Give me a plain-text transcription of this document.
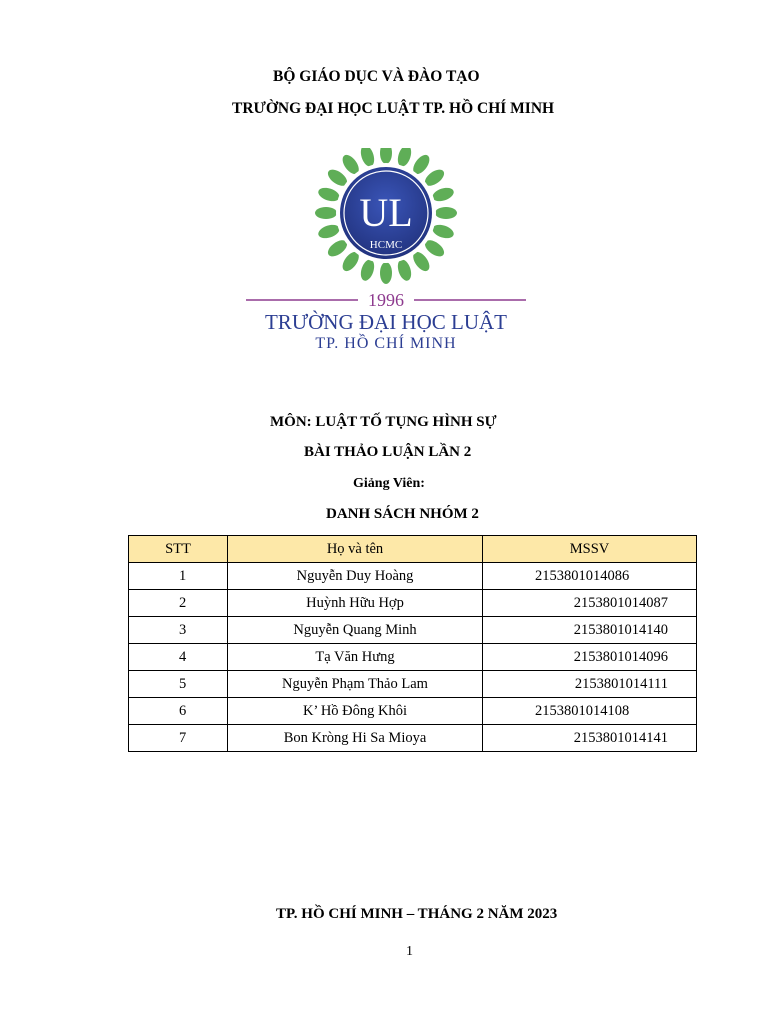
BỘ GIÁO DỤC VÀ ĐÀO TẠO
TRƯỜNG ĐẠI HỌC LUẬT TP. HỒ CHÍ MINH
UL
HCMC
1996
TRƯỜNG ĐẠI HỌC LUẬT
TP. HỒ CHÍ MINH
MÔN: LUẬT TỐ TỤNG HÌNH SỰ
BÀI THẢO LUẬN LẦN 2
Giảng Viên:
DANH SÁCH NHÓM 2
STT	Họ và tên	MSSV
1	Nguyễn Duy Hoàng	2153801014086
2	Huỳnh Hữu Hợp	2153801014087
3	Nguyễn Quang Minh	2153801014140
4	Tạ Văn Hưng	2153801014096
5	Nguyễn Phạm Thảo Lam	2153801014111
6	K’ Hồ Đông Khôi	2153801014108
7	Bon Kròng Hi Sa Mioya	2153801014141
TP. HỒ CHÍ MINH – THÁNG 2 NĂM 2023
1
